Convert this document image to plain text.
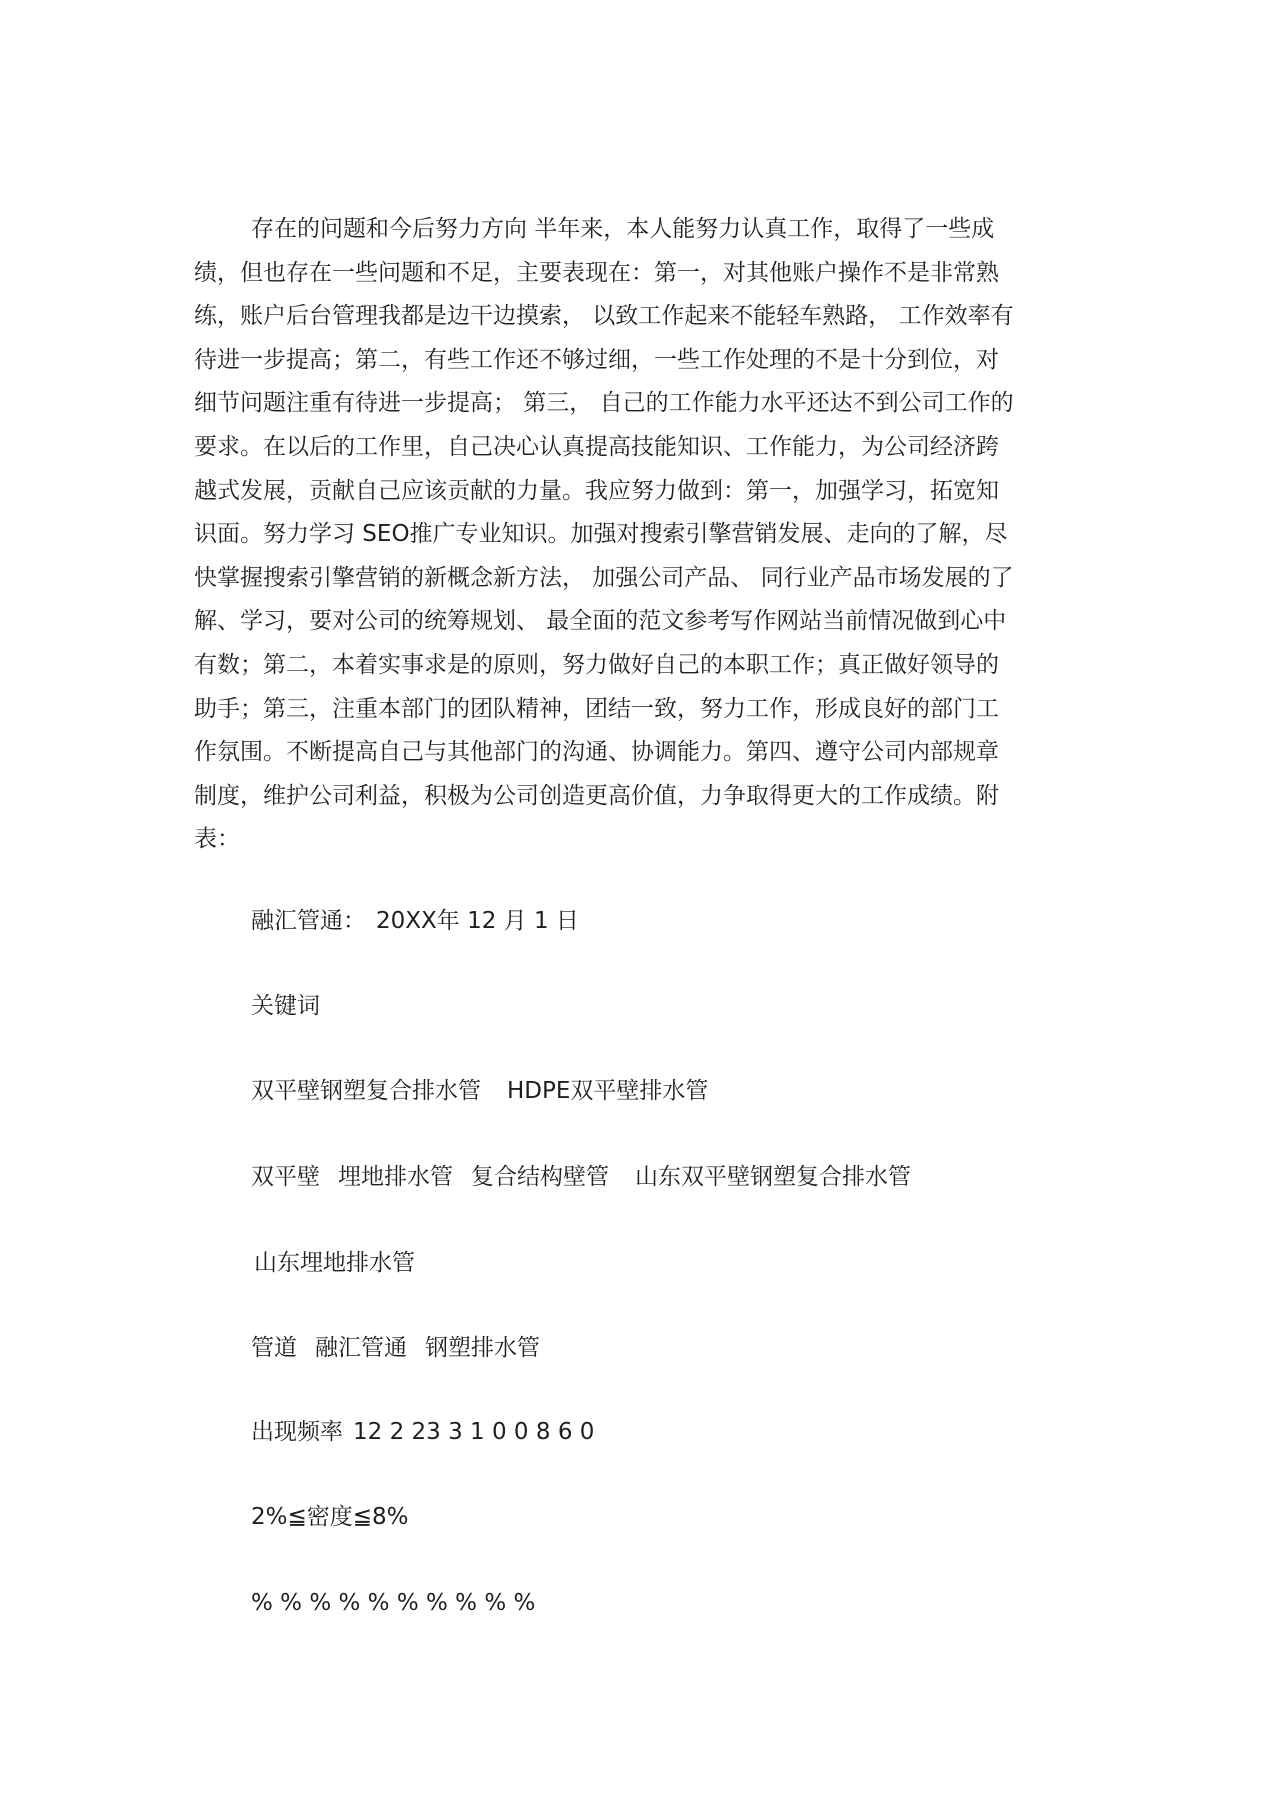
存在的问题和今后努力方向 半年来，本人能努力认真工作，取得了一些成
绩，但也存在一些问题和不足，主要表现在：第一，对其他账户操作不是非常熟
练，账户后台管理我都是边干边摸索， 以致工作起来不能轻车熟路， 工作效率有
待进一步提高；第二，有些工作还不够过细，一些工作处理的不是十分到位，对
细节问题注重有待进一步提高； 第三， 自己的工作能力水平还达不到公司工作的
要求。在以后的工作里，自己决心认真提高技能知识、工作能力，为公司经济跨
越式发展，贡献自己应该贡献的力量。我应努力做到：第一，加强学习，拓宽知
识面。努力学习 SEO推广专业知识。加强对搜索引擎营销发展、走向的了解，尽
快掌握搜索引擎营销的新概念新方法， 加强公司产品、 同行业产品市场发展的了
解、学习，要对公司的统筹规划、 最全面的范文参考写作网站当前情况做到心中
有数；第二，本着实事求是的原则，努力做好自己的本职工作；真正做好领导的
助手；第三，注重本部门的团队精神，团结一致，努力工作，形成良好的部门工
作氛围。不断提高自己与其他部门的沟通、协调能力。第四、遵守公司内部规章
制度，维护公司利益，积极为公司创造更高价值，力争取得更大的工作成绩。附
表：
融汇管通： 20XX年 12 月 1 日
关键词
双平壁钢塑复合排水管 HDPE双平壁排水管
双平壁 埋地排水管 复合结构壁管 山东双平壁钢塑复合排水管
山东埋地排水管
管道 融汇管通 钢塑排水管
出现频率 12 2 23 3 1 0 0 8 6 0
2%≦密度≦8%
% % % % % % % % % %
